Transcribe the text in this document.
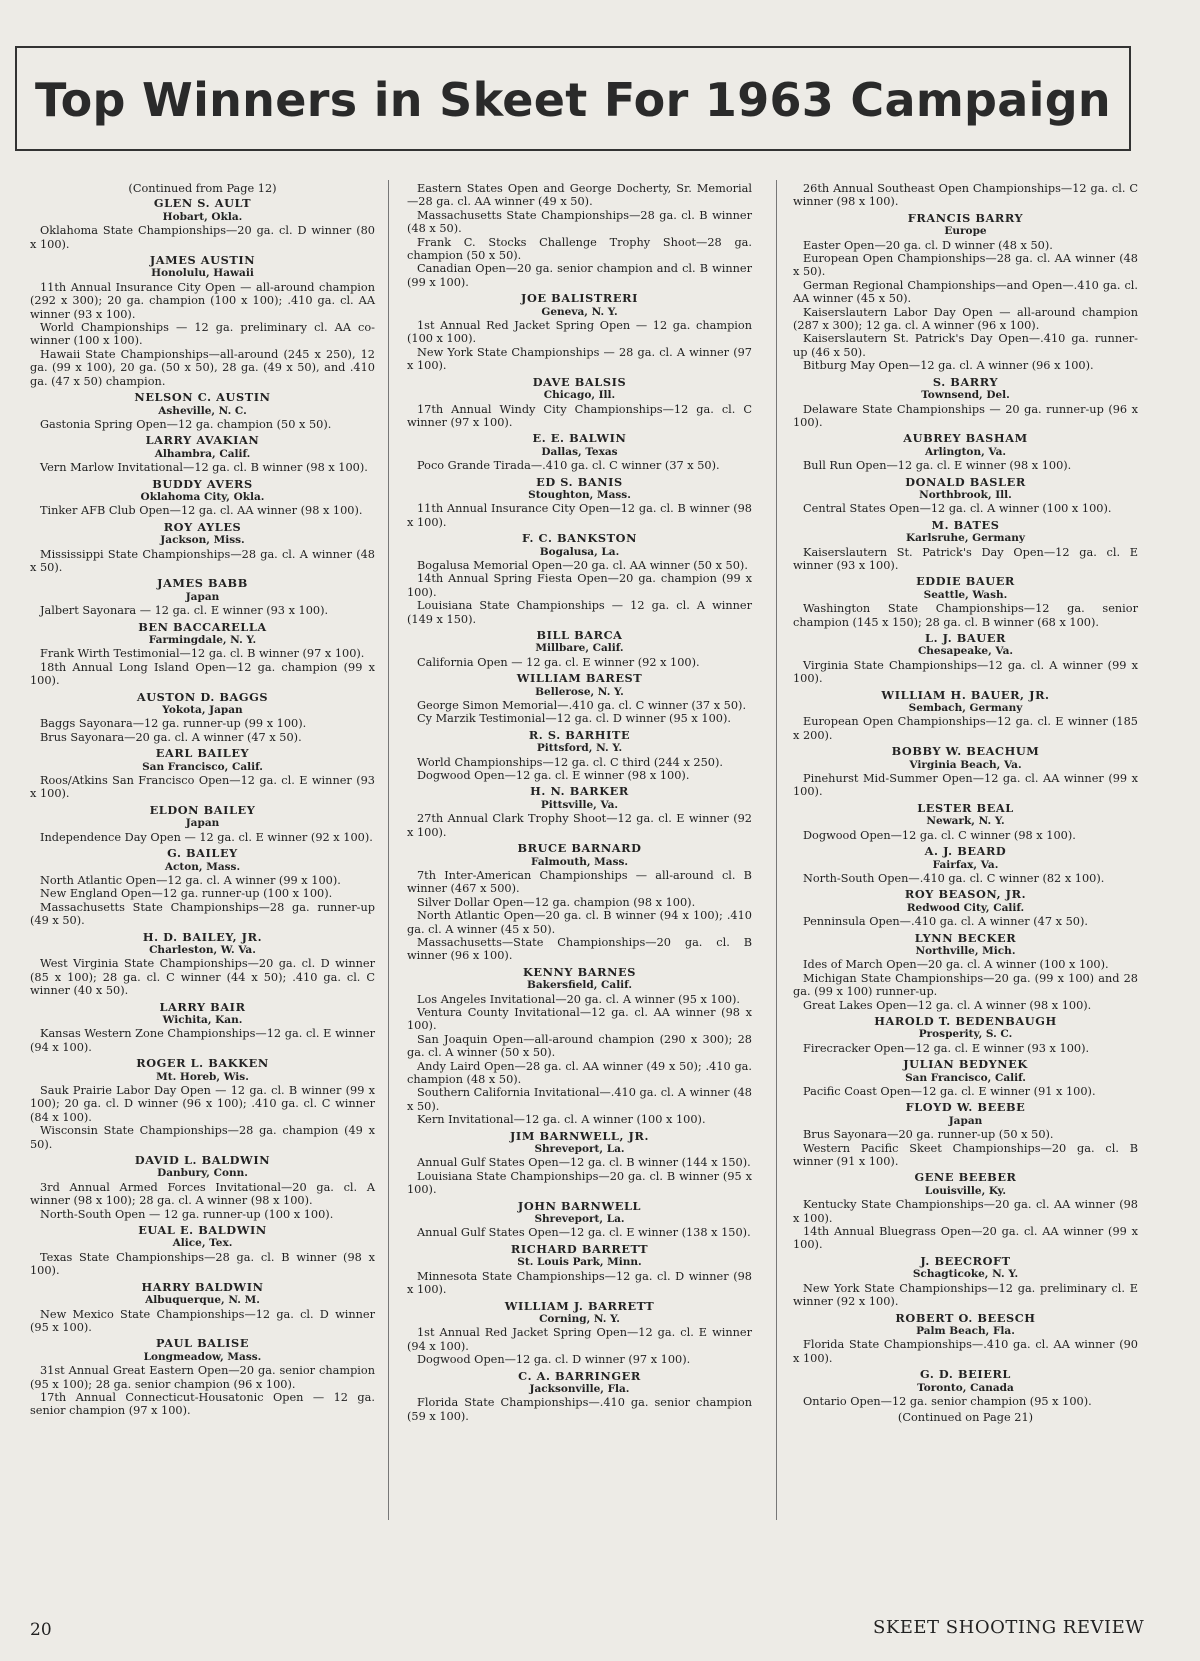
Top Winners in Skeet For 1963 Campaign

(Continued from Page 12)

GLEN S. AULT
Hobart, Okla.

Oklahoma State Championships—20 ga. cl. D winner (80 x 100).

JAMES AUSTIN
Honolulu, Hawaii

11th Annual Insurance City Open — all-around champion (292 x 300); 20 ga. champion (100 x 100); .410 ga. cl. AA winner (93 x 100).

World Championships — 12 ga. preliminary cl. AA co-winner (100 x 100).

Hawaii State Championships—all-around (245 x 250), 12 ga. (99 x 100), 20 ga. (50 x 50), 28 ga. (49 x 50), and .410 ga. (47 x 50) champion.

NELSON C. AUSTIN
Asheville, N. C.

Gastonia Spring Open—12 ga. champion (50 x 50).

LARRY AVAKIAN
Alhambra, Calif.

Vern Marlow Invitational—12 ga. cl. B winner (98 x 100).

BUDDY AVERS
Oklahoma City, Okla.

Tinker AFB Club Open—12 ga. cl. AA winner (98 x 100).

ROY AYLES
Jackson, Miss.

Mississippi State Championships—28 ga. cl. A winner (48 x 50).

JAMES BABB
Japan

Jalbert Sayonara — 12 ga. cl. E winner (93 x 100).

BEN BACCARELLA
Farmingdale, N. Y.

Frank Wirth Testimonial—12 ga. cl. B winner (97 x 100).

18th Annual Long Island Open—12 ga. champion (99 x 100).

AUSTON D. BAGGS
Yokota, Japan

Baggs Sayonara—12 ga. runner-up (99 x 100).

Brus Sayonara—20 ga. cl. A winner (47 x 50).

EARL BAILEY
San Francisco, Calif.

Roos/Atkins San Francisco Open—12 ga. cl. E winner (93 x 100).

ELDON BAILEY
Japan

Independence Day Open — 12 ga. cl. E winner (92 x 100).

G. BAILEY
Acton, Mass.

North Atlantic Open—12 ga. cl. A winner (99 x 100).

New England Open—12 ga. runner-up (100 x 100).

Massachusetts State Championships—28 ga. runner-up (49 x 50).

H. D. BAILEY, JR.
Charleston, W. Va.

West Virginia State Championships—20 ga. cl. D winner (85 x 100); 28 ga. cl. C winner (44 x 50); .410 ga. cl. C winner (40 x 50).

LARRY BAIR
Wichita, Kan.

Kansas Western Zone Championships—12 ga. cl. E winner (94 x 100).

ROGER L. BAKKEN
Mt. Horeb, Wis.

Sauk Prairie Labor Day Open — 12 ga. cl. B winner (99 x 100); 20 ga. cl. D winner (96 x 100); .410 ga. cl. C winner (84 x 100).

Wisconsin State Championships—28 ga. champion (49 x 50).

DAVID L. BALDWIN
Danbury, Conn.

3rd Annual Armed Forces Invitational—20 ga. cl. A winner (98 x 100); 28 ga. cl. A winner (98 x 100).

North-South Open — 12 ga. runner-up (100 x 100).

EUAL E. BALDWIN
Alice, Tex.

Texas State Championships—28 ga. cl. B winner (98 x 100).

HARRY BALDWIN
Albuquerque, N. M.

New Mexico State Championships—12 ga. cl. D winner (95 x 100).

PAUL BALISE
Longmeadow, Mass.

31st Annual Great Eastern Open—20 ga. senior champion (95 x 100); 28 ga. senior champion (96 x 100).

17th Annual Connecticut-Housatonic Open — 12 ga. senior champion (97 x 100).

Eastern States Open and George Docherty, Sr. Memorial—28 ga. cl. AA winner (49 x 50).

Massachusetts State Championships—28 ga. cl. B winner (48 x 50).

Frank C. Stocks Challenge Trophy Shoot—28 ga. champion (50 x 50).

Canadian Open—20 ga. senior champion and cl. B winner (99 x 100).

JOE BALISTRERI
Geneva, N. Y.

1st Annual Red Jacket Spring Open — 12 ga. champion (100 x 100).

New York State Championships — 28 ga. cl. A winner (97 x 100).

DAVE BALSIS
Chicago, Ill.

17th Annual Windy City Championships—12 ga. cl. C winner (97 x 100).

E. E. BALWIN
Dallas, Texas

Poco Grande Tirada—.410 ga. cl. C winner (37 x 50).

ED S. BANIS
Stoughton, Mass.

11th Annual Insurance City Open—12 ga. cl. B winner (98 x 100).

F. C. BANKSTON
Bogalusa, La.

Bogalusa Memorial Open—20 ga. cl. AA winner (50 x 50).

14th Annual Spring Fiesta Open—20 ga. champion (99 x 100).

Louisiana State Championships — 12 ga. cl. A winner (149 x 150).

BILL BARCA
Millbare, Calif.

California Open — 12 ga. cl. E winner (92 x 100).

WILLIAM BAREST
Bellerose, N. Y.

George Simon Memorial—.410 ga. cl. C winner (37 x 50).

Cy Marzik Testimonial—12 ga. cl. D winner (95 x 100).

R. S. BARHITE
Pittsford, N. Y.

World Championships—12 ga. cl. C third (244 x 250).

Dogwood Open—12 ga. cl. E winner (98 x 100).

H. N. BARKER
Pittsville, Va.

27th Annual Clark Trophy Shoot—12 ga. cl. E winner (92 x 100).

BRUCE BARNARD
Falmouth, Mass.

7th Inter-American Championships — all-around cl. B winner (467 x 500).

Silver Dollar Open—12 ga. champion (98 x 100).

North Atlantic Open—20 ga. cl. B winner (94 x 100); .410 ga. cl. A winner (45 x 50).

Massachusetts—State Championships—20 ga. cl. B winner (96 x 100).

KENNY BARNES
Bakersfield, Calif.

Los Angeles Invitational—20 ga. cl. A winner (95 x 100).

Ventura County Invitational—12 ga. cl. AA winner (98 x 100).

San Joaquin Open—all-around champion (290 x 300); 28 ga. cl. A winner (50 x 50).

Andy Laird Open—28 ga. cl. AA winner (49 x 50); .410 ga. champion (48 x 50).

Southern California Invitational—.410 ga. cl. A winner (48 x 50).

Kern Invitational—12 ga. cl. A winner (100 x 100).

JIM BARNWELL, JR.
Shreveport, La.

Annual Gulf States Open—12 ga. cl. B winner (144 x 150).

Louisiana State Championships—20 ga. cl. B winner (95 x 100).

JOHN BARNWELL
Shreveport, La.

Annual Gulf States Open—12 ga. cl. E winner (138 x 150).

RICHARD BARRETT
St. Louis Park, Minn.

Minnesota State Championships—12 ga. cl. D winner (98 x 100).

WILLIAM J. BARRETT
Corning, N. Y.

1st Annual Red Jacket Spring Open—12 ga. cl. E winner (94 x 100).

Dogwood Open—12 ga. cl. D winner (97 x 100).

C. A. BARRINGER
Jacksonville, Fla.

Florida State Championships—.410 ga. senior champion (59 x 100).

26th Annual Southeast Open Championships—12 ga. cl. C winner (98 x 100).

FRANCIS BARRY
Europe

Easter Open—20 ga. cl. D winner (48 x 50).

European Open Championships—28 ga. cl. AA winner (48 x 50).

German Regional Championships—and Open—.410 ga. cl. AA winner (45 x 50).

Kaiserslautern Labor Day Open — all-around champion (287 x 300); 12 ga. cl. A winner (96 x 100).

Kaiserslautern St. Patrick's Day Open—.410 ga. runner-up (46 x 50).

Bitburg May Open—12 ga. cl. A winner (96 x 100).

S. BARRY
Townsend, Del.

Delaware State Championships — 20 ga. runner-up (96 x 100).

AUBREY BASHAM
Arlington, Va.

Bull Run Open—12 ga. cl. E winner (98 x 100).

DONALD BASLER
Northbrook, Ill.

Central States Open—12 ga. cl. A winner (100 x 100).

M. BATES
Karlsruhe, Germany

Kaiserslautern St. Patrick's Day Open—12 ga. cl. E winner (93 x 100).

EDDIE BAUER
Seattle, Wash.

Washington State Championships—12 ga. senior champion (145 x 150); 28 ga. cl. B winner (68 x 100).

L. J. BAUER
Chesapeake, Va.

Virginia State Championships—12 ga. cl. A winner (99 x 100).

WILLIAM H. BAUER, JR.
Sembach, Germany

European Open Championships—12 ga. cl. E winner (185 x 200).

BOBBY W. BEACHUM
Virginia Beach, Va.

Pinehurst Mid-Summer Open—12 ga. cl. AA winner (99 x 100).

LESTER BEAL
Newark, N. Y.

Dogwood Open—12 ga. cl. C winner (98 x 100).

A. J. BEARD
Fairfax, Va.

North-South Open—.410 ga. cl. C winner (82 x 100).

ROY BEASON, JR.
Redwood City, Calif.

Penninsula Open—.410 ga. cl. A winner (47 x 50).

LYNN BECKER
Northville, Mich.

Ides of March Open—20 ga. cl. A winner (100 x 100).

Michigan State Championships—20 ga. (99 x 100) and 28 ga. (99 x 100) runner-up.

Great Lakes Open—12 ga. cl. A winner (98 x 100).

HAROLD T. BEDENBAUGH
Prosperity, S. C.

Firecracker Open—12 ga. cl. E winner (93 x 100).

JULIAN BEDYNEK
San Francisco, Calif.

Pacific Coast Open—12 ga. cl. E winner (91 x 100).

FLOYD W. BEEBE
Japan

Brus Sayonara—20 ga. runner-up (50 x 50).

Western Pacific Skeet Championships—20 ga. cl. B winner (91 x 100).

GENE BEEBER
Louisville, Ky.

Kentucky State Championships—20 ga. cl. AA winner (98 x 100).

14th Annual Bluegrass Open—20 ga. cl. AA winner (99 x 100).

J. BEECROFT
Schagticoke, N. Y.

New York State Championships—12 ga. preliminary cl. E winner (92 x 100).

ROBERT O. BEESCH
Palm Beach, Fla.

Florida State Championships—.410 ga. cl. AA winner (90 x 100).

G. D. BEIERL
Toronto, Canada

Ontario Open—12 ga. senior champion (95 x 100).

(Continued on Page 21)
20	SKEET SHOOTING REVIEW
